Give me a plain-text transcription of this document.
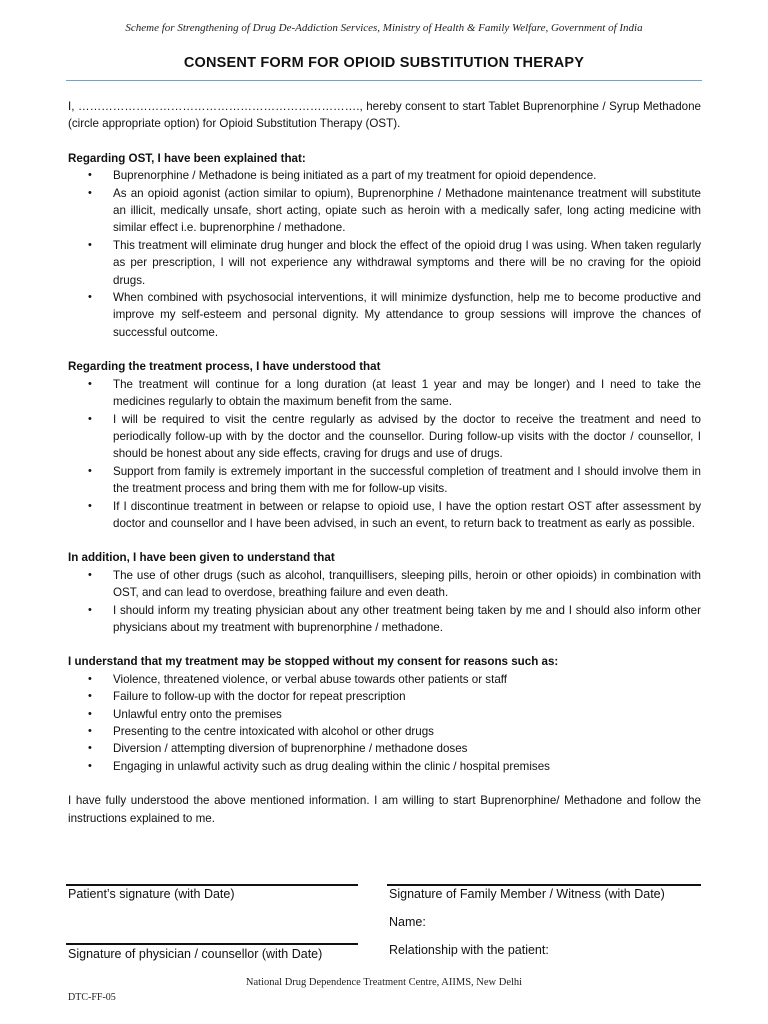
Scheme for Strengthening of Drug De-Addiction Services, Ministry of Health & Family Welfare, Government of India
CONSENT FORM FOR OPIOID SUBSTITUTION THERAPY

I, ………………………………………………………………., hereby consent to start Tablet Buprenorphine / Syrup Methadone (circle appropriate option) for Opioid Substitution Therapy (OST).

Regarding OST, I have been explained that:

• Buprenorphine / Methadone is being initiated as a part of my treatment for opioid dependence.
• As an opioid agonist (action similar to opium), Buprenorphine / Methadone maintenance treatment will substitute an illicit, medically unsafe, short acting, opiate such as heroin with a medically safer, long acting medicine with similar effect i.e. buprenorphine / methadone.
• This treatment will eliminate drug hunger and block the effect of the opioid drug I was using. When taken regularly as per prescription, I will not experience any withdrawal symptoms and there will be no craving for the opioid drugs.
• When combined with psychosocial interventions, it will minimize dysfunction, help me to become productive and improve my self-esteem and personal dignity. My attendance to group sessions will improve the chances of successful outcome.

Regarding the treatment process, I have understood that

• The treatment will continue for a long duration (at least 1 year and may be longer) and I need to take the medicines regularly to obtain the maximum benefit from the same.
• I will be required to visit the centre regularly as advised by the doctor to receive the treatment and need to periodically follow-up with by the doctor and the counsellor. During follow-up visits with the doctor / counsellor, I should be honest about any side effects, craving for drugs and use of drugs.
• Support from family is extremely important in the successful completion of treatment and I should involve them in the treatment process and bring them with me for follow-up visits.
• If I discontinue treatment in between or relapse to opioid use, I have the option restart OST after assessment by doctor and counsellor and I have been advised, in such an event, to return back to treatment as early as possible.

In addition, I have been given to understand that

• The use of other drugs (such as alcohol, tranquillisers, sleeping pills, heroin or other opioids) in combination with OST, and can lead to overdose, breathing failure and even death.
• I should inform my treating physician about any other treatment being taken by me and I should also inform other physicians about my treatment with buprenorphine / methadone.

I understand that my treatment may be stopped without my consent for reasons such as:

• Violence, threatened violence, or verbal abuse towards other patients or staff
• Failure to follow-up with the doctor for repeat prescription
• Unlawful entry onto the premises
• Presenting to the centre intoxicated with alcohol or other drugs
• Diversion / attempting diversion of buprenorphine / methadone doses
• Engaging in unlawful activity such as drug dealing within the clinic / hospital premises

I have fully understood the above mentioned information. I am willing to start Buprenorphine/ Methadone and follow the instructions explained to me.

Patient’s signature (with Date)	Signature of Family Member / Witness (with Date)
Name:
Signature of physician / counsellor (with Date)	Relationship with the patient:
National Drug Dependence Treatment Centre, AIIMS, New Delhi
DTC-FF-05
